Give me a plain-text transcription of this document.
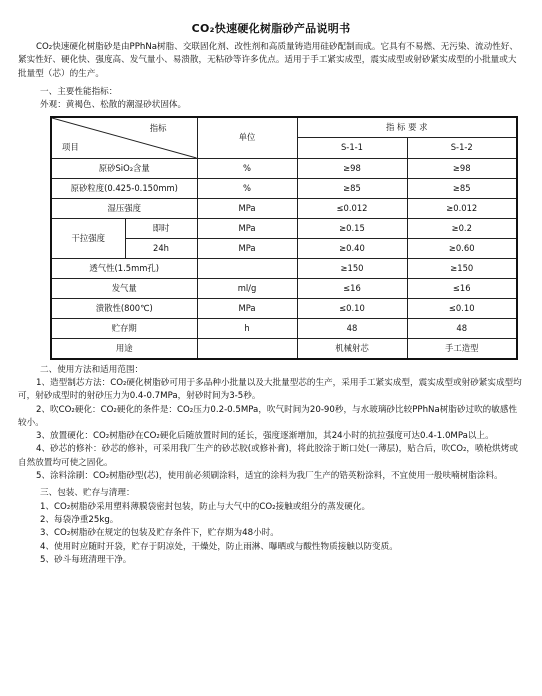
CO₂快速硬化树脂砂产品说明书

CO₂快速硬化树脂砂是由PPhNa树脂、交联固化剂、改性剂和高质量铸造用硅砂配制而成。它具有不易燃、无污染、流动性好、紧实性好、硬化快、强度高、发气量小、易溃散，无粘砂等许多优点。适用于手工紧实成型，震实成型或射砂紧实成型的小批量或大批量型（芯）的生产。

一、主要性能指标：

外观：黄褐色、松散的潮湿砂状固体。

指标
项目		单位	指 标 要 求	
			S-1-1	S-1-2
原砂SiO₂含量		%	≥98	≥98
原砂粒度(0.425-0.150mm)		%	≥85	≥85
湿压强度		MPa	≤0.012	≥0.012
干拉强度	即时	MPa	≥0.15	≥0.2
	24h	MPa	≥0.40	≥0.60
透气性(1.5mm孔)			≥150	≥150
发气量		ml/g	≤16	≤16
溃散性(800℃)		MPa	≤0.10	≤0.10
贮存期		h	48	48
用途			机械射芯	手工造型

二、使用方法和适用范围：

1、造型制芯方法：CO₂硬化树脂砂可用于多品种小批量以及大批量型芯的生产，采用手工紧实成型，震实成型或射砂紧实成型均可，射砂成型时的射砂压力为0.4-0.7MPa，射砂时间为3-5秒。

2、吹CO₂硬化：CO₂硬化的条件是：CO₂压力0.2-0.5MPa，吹气时间为20-90秒，与水玻璃砂比较PPhNa树脂砂过吹的敏感性较小。

3、放置硬化：CO₂树脂砂在CO₂硬化后随放置时间的延长，强度逐渐增加，其24小时的抗拉强度可达0.4-1.0MPa以上。

4、砂芯的修补：砂芯的修补，可采用我厂生产的砂芯胶(或修补膏)，将此胶涂于断口处(一薄层)，贴合后，吹CO₂，喷枪烘烤或自然放置均可使之固化。

5、涂料涂刷：CO₂树脂砂型(芯)，使用前必须刷涂料，适宜的涂料为我厂生产的锆英粉涂料，不宜使用一般呋喃树脂涂料。

三、包装、贮存与清理：

1、CO₂树脂砂采用塑料薄膜袋密封包装，防止与大气中的CO₂接触或组分的蒸发硬化。

2、每袋净重25kg。

3、CO₂树脂砂在规定的包装及贮存条件下，贮存期为48小时。

4、使用时应随时开袋，贮存于阴凉处，干燥处，防止雨淋、曝晒或与酸性物质接触以防变质。

5、砂斗每班清理干净。
